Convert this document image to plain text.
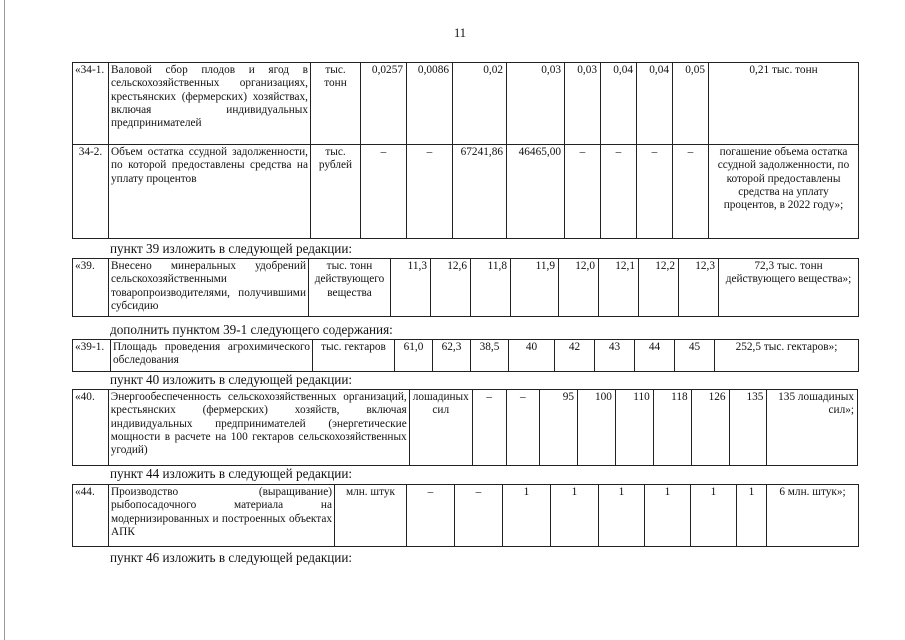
11
«34-1.	Валовой сбор плодов и ягод в сельскохозяйственных организациях, крестьянских (фермерских) хозяйствах, включая индивидуальных предпринимателей	тыс. тонн	0,0257	0,0086	0,02	0,03	0,03	0,04	0,04	0,05	0,21 тыс. тонн
34-2.	Объем остатка ссудной задолженности, по которой предоставлены средства на уплату процентов	тыс. рублей	–	–	67241,86	46465,00	–	–	–	–	погашение объема остатка ссудной задолженности, по которой предоставлены средства на уплату процентов, в 2022 году»;
пункт 39 изложить в следующей редакции:
«39.	Внесено минеральных удобрений сельскохозяйственными товаропроизводителями, получившими субсидию	тыс. тонн действующего вещества	11,3	12,6	11,8	11,9	12,0	12,1	12,2	12,3	72,3 тыс. тонн действующего вещества»;
дополнить пунктом 39-1 следующего содержания:
«39-1.	Площадь проведения агрохимического обследования	тыс. гектаров	61,0	62,3	38,5	40	42	43	44	45	252,5 тыс. гектаров»;
пункт 40 изложить в следующей редакции:
«40.	Энергообеспеченность сельскохозяйственных организаций, крестьянских (фермерских) хозяйств, включая индивидуальных предпринимателей (энергетические мощности в расчете на 100 гектаров сельскохозяйственных угодий)	лошадиных сил	–	–	95	100	110	118	126	135	135 лошадиных сил»;
пункт 44 изложить в следующей редакции:
«44.	Производство (выращивание) рыбопосадочного материала на модернизированных и построенных объектах АПК	млн. штук	–	–	1	1	1	1	1	1	6 млн. штук»;
пункт 46 изложить в следующей редакции:
